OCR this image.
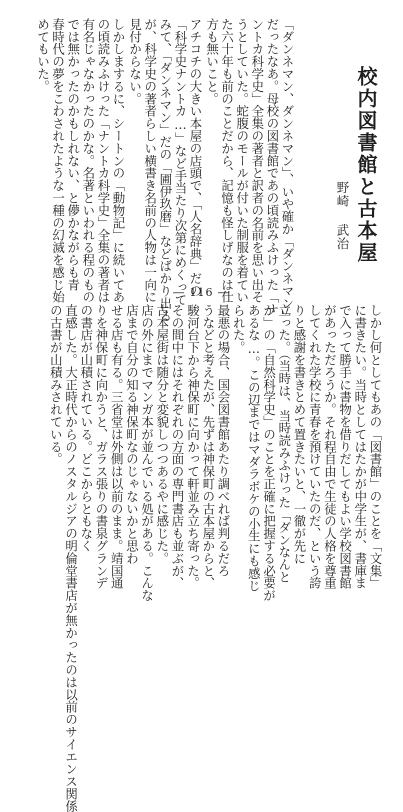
校内図書館と古本屋
野崎武治
「ダンネマン、ダンネマン」、いや確か「ダンネマン」
だったなあ。母校の図書館であの頃読みふけった「ナ
ントカ科学史」全集の著者と訳者の名前を思い出そ
うとしていた。蛇腹のモールが付いた制服を着てい
た六十年も前のことだから、記憶も怪しげなのは仕
方も無いこと。
アチコチの大きい本屋の店頭で、「人名辞典」だの
「科学史ナントカ…」など手当たり次第にめくって
みて、「ダンネマン」だの「圃伊玖磨」などばかり出る
が、科学史の著者らしい横書き名前の人物は一向に
見付からない。
しかしまするに、シートンの「動物記」に続いてあ
の頃読みふけった「ナントカ科学史」全集の著者は
有名じゃなかったのかな。名著といわれる程のもの
では無かったのかもしれない、と儚かながらも青
春時代の夢をこわされたような一種の幻滅を感じ始
めてもいた。
― 116 ―
しかし何としてもあの「図書館」のことを「文集」
に書きたい。当時としてはたかが中学生が、書庫ま
で入って勝手に書物を借りだしてもよい学校図書館
があっただろうか。それ程自由で生徒の人格を尊重
してくれた学校に青春を預けていたのだ、という誇
りと感謝を書きとめて置きたいと、一徹が先に
立った。（当時は、当時読みふけった「ダンなんと
か」の「自然科学史」のことを正確に把握する必要が
あるな…。この辺まではマダラボケの小生にも感じ
られた。
最悪の場合、国会図書館あたり調べれば判るだろ
うなどと考えたが、先ずは神保町の古本屋からと、
駿河台下から神保町に向かって軒並み立ち寄った。
その間中にはそれぞれの方面の専門書店も並ぶが、
古本屋街は随分と変貌しつつあるやに感じた。
店の外にまでマンガ本が並んでいる処がある。こんな
店まで自分の知る神保町なのじゃないかと思わ
せる店も有る。三省堂は外側は以前のまま。靖国通
りを神保町に向かうと、ガラス張りの書泉グランデ
の書店が山積されている。どこからともなく
直感した。大正時代からのノスタルジアの明倫堂書店が無かったのは以前のサイエンス関係
の古書が山積みされている。
